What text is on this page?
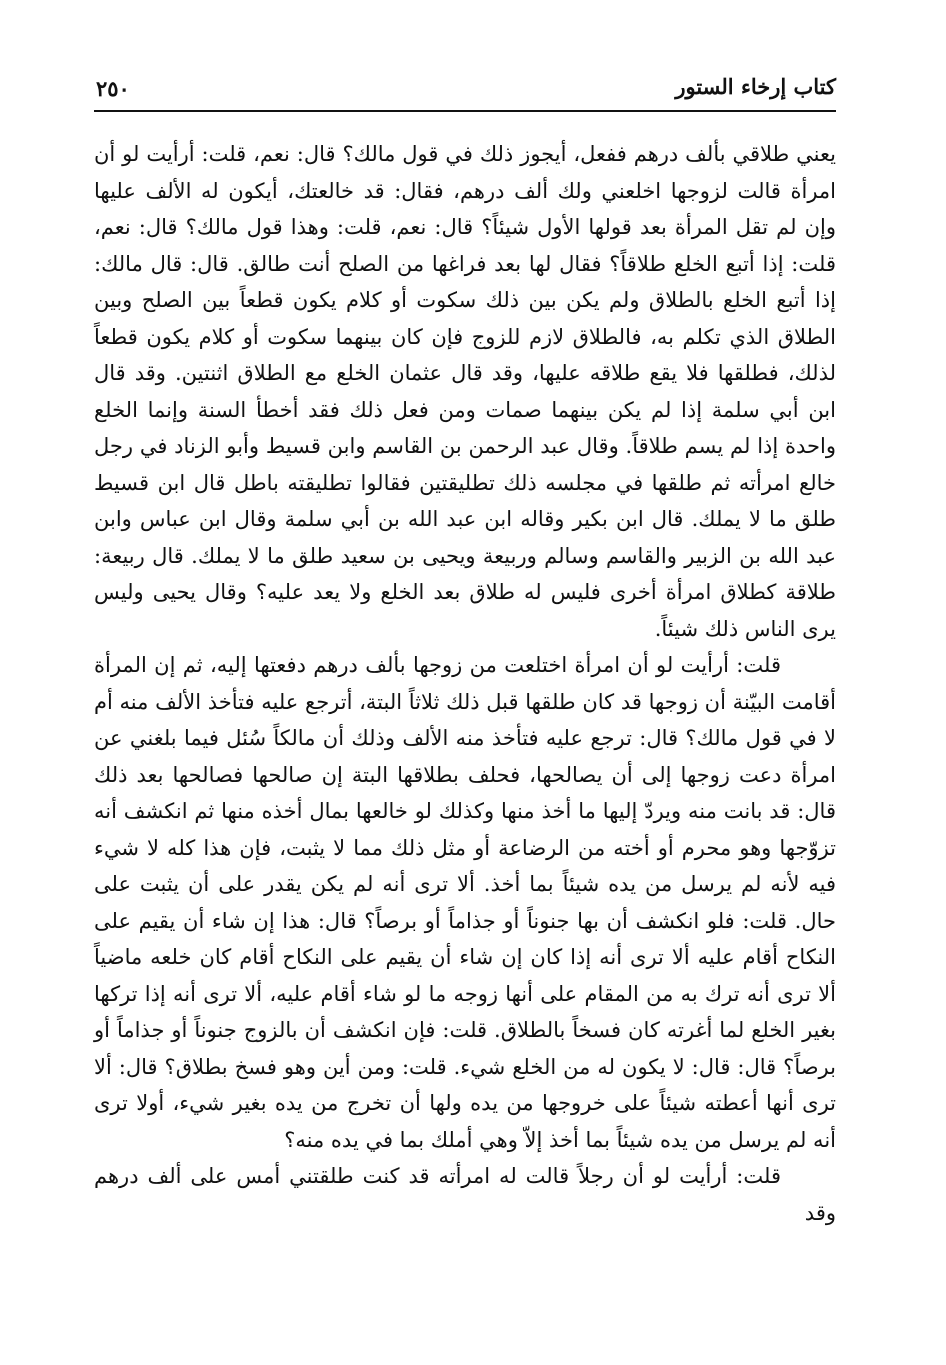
كتاب إرخاء الستور
٢٥٠

يعني طلاقي بألف درهم ففعل، أيجوز ذلك في قول مالك؟ قال: نعم، قلت: أرأيت لو أن امرأة قالت لزوجها اخلعني ولك ألف درهم، فقال: قد خالعتك، أيكون له الألف عليها وإن لم تقل المرأة بعد قولها الأول شيئاً؟ قال: نعم، قلت: وهذا قول مالك؟ قال: نعم، قلت: إذا أتبع الخلع طلاقاً؟ فقال لها بعد فراغها من الصلح أنت طالق. قال: قال مالك: إذا أتبع الخلع بالطلاق ولم يكن بين ذلك سكوت أو كلام يكون قطعاً بين الصلح وبين الطلاق الذي تكلم به، فالطلاق لازم للزوج فإن كان بينهما سكوت أو كلام يكون قطعاً لذلك، فطلقها فلا يقع طلاقه عليها، وقد قال عثمان الخلع مع الطلاق اثنتين. وقد قال ابن أبي سلمة إذا لم يكن بينهما صمات ومن فعل ذلك فقد أخطأ السنة وإنما الخلع واحدة إذا لم يسم طلاقاً. وقال عبد الرحمن بن القاسم وابن قسيط وأبو الزناد في رجل خالع امرأته ثم طلقها في مجلسه ذلك تطليقتين فقالوا تطليقته باطل قال ابن قسيط طلق ما لا يملك. قال ابن بكير وقاله ابن عبد الله بن أبي سلمة وقال ابن عباس وابن عبد الله بن الزبير والقاسم وسالم وربيعة ويحيى بن سعيد طلق ما لا يملك. قال ربيعة: طلاقة كطلاق امرأة أخرى فليس له طلاق بعد الخلع ولا يعد عليه؟ وقال يحيى وليس يرى الناس ذلك شيئاً.

قلت: أرأيت لو أن امرأة اختلعت من زوجها بألف درهم دفعتها إليه، ثم إن المرأة أقامت البيّنة أن زوجها قد كان طلقها قبل ذلك ثلاثاً البتة، أترجع عليه فتأخذ الألف منه أم لا في قول مالك؟ قال: ترجع عليه فتأخذ منه الألف وذلك أن مالكاً سُئل فيما بلغني عن امرأة دعت زوجها إلى أن يصالحها، فحلف بطلاقها البتة إن صالحها فصالحها بعد ذلك قال: قد بانت منه ويردّ إليها ما أخذ منها وكذلك لو خالعها بمال أخذه منها ثم انكشف أنه تزوّجها وهو محرم أو أخته من الرضاعة أو مثل ذلك مما لا يثبت، فإن هذا كله لا شيء فيه لأنه لم يرسل من يده شيئاً بما أخذ. ألا ترى أنه لم يكن يقدر على أن يثبت على حال. قلت: فلو انكشف أن بها جنوناً أو جذاماً أو برصاً؟ قال: هذا إن شاء أن يقيم على النكاح أقام عليه ألا ترى أنه إذا كان إن شاء أن يقيم على النكاح أقام كان خلعه ماضياً ألا ترى أنه ترك به من المقام على أنها زوجه ما لو شاء أقام عليه، ألا ترى أنه إذا تركها بغير الخلع لما أغرته كان فسخاً بالطلاق. قلت: فإن انكشف أن بالزوج جنوناً أو جذاماً أو برصاً؟ قال: قال: لا يكون له من الخلع شيء. قلت: ومن أين وهو فسخ بطلاق؟ قال: ألا ترى أنها أعطته شيئاً على خروجها من يده ولها أن تخرج من يده بغير شيء، أولا ترى أنه لم يرسل من يده شيئاً بما أخذ إلاّ وهي أملك بما في يده منه؟

قلت: أرأيت لو أن رجلاً قالت له امرأته قد كنت طلقتني أمس على ألف درهم وقد
